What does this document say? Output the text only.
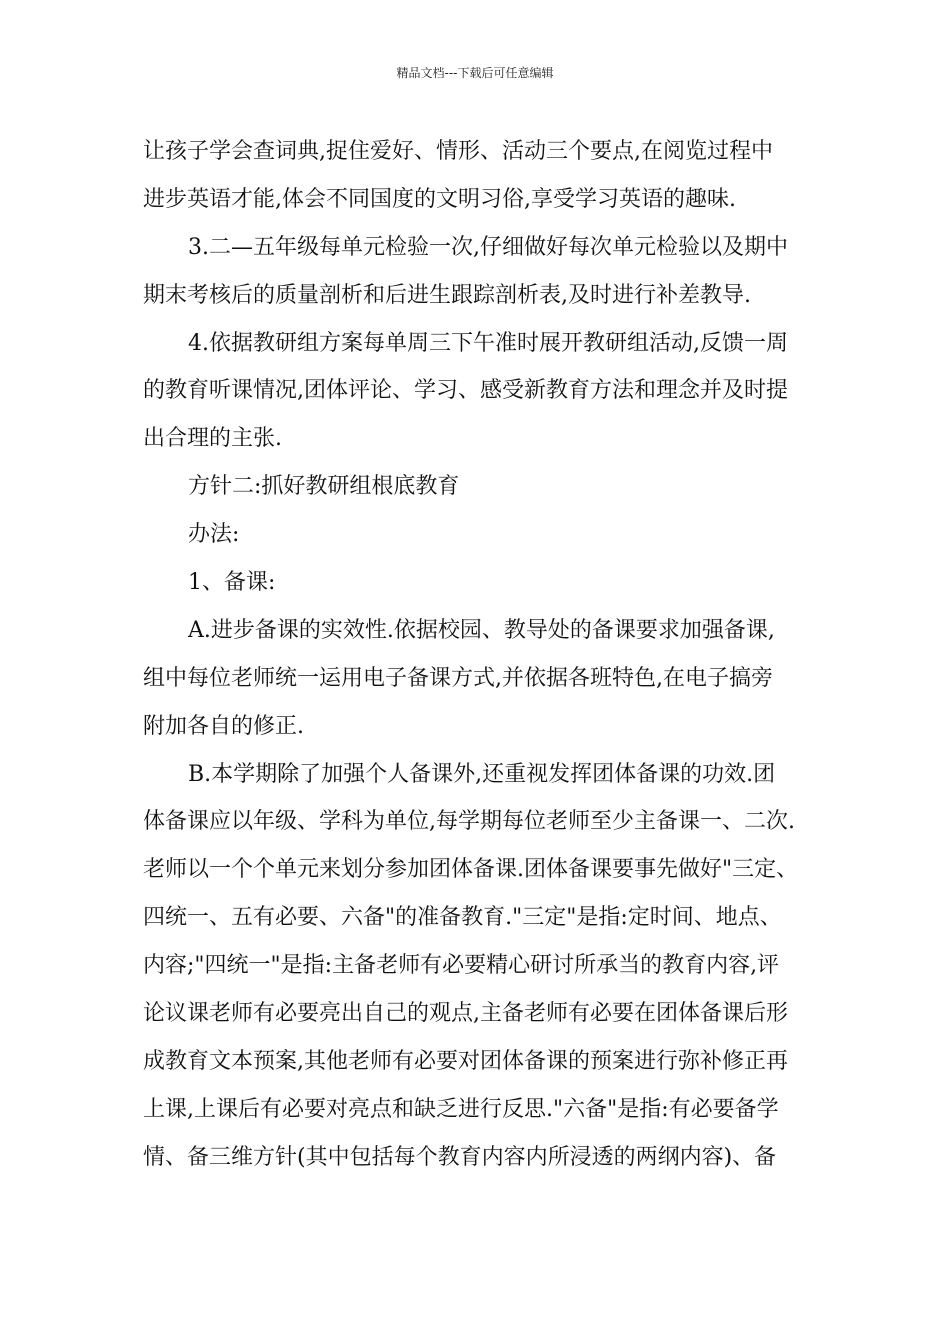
精品文档---下载后可任意编辑
让孩子学会查词典,捉住爱好、情形、活动三个要点,在阅览过程中
进步英语才能,体会不同国度的文明习俗,享受学习英语的趣味.
3.二—五年级每单元检验一次,仔细做好每次单元检验以及期中
期末考核后的质量剖析和后进生跟踪剖析表,及时进行补差教导.
4.依据教研组方案每单周三下午准时展开教研组活动,反馈一周
的教育听课情况,团体评论、学习、感受新教育方法和理念并及时提
出合理的主张.
方针二:抓好教研组根底教育
办法:
1、备课:
A.进步备课的实效性.依据校园、教导处的备课要求加强备课,
组中每位老师统一运用电子备课方式,并依据各班特色,在电子搞旁
附加各自的修正.
B.本学期除了加强个人备课外,还重视发挥团体备课的功效.团
体备课应以年级、学科为单位,每学期每位老师至少主备课一、二次.
老师以一个个单元来划分参加团体备课.团体备课要事先做好"三定、
四统一、五有必要、六备"的准备教育."三定"是指:定时间、地点、
内容;"四统一"是指:主备老师有必要精心研讨所承当的教育内容,评
论议课老师有必要亮出自己的观点,主备老师有必要在团体备课后形
成教育文本预案,其他老师有必要对团体备课的预案进行弥补修正再
上课,上课后有必要对亮点和缺乏进行反思."六备"是指:有必要备学
情、备三维方针(其中包括每个教育内容内所浸透的两纲内容)、备
